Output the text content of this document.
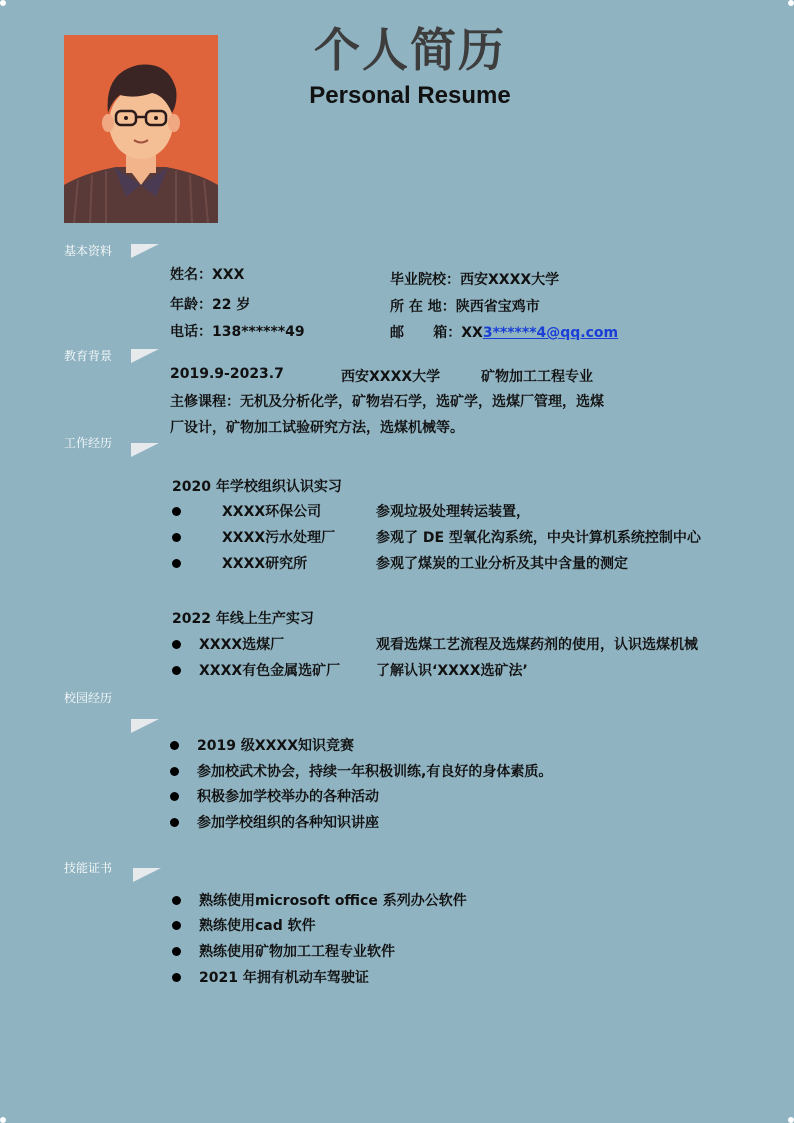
个人简历
Personal Resume
基本资料
教育背景
工作经历
校园经历
技能证书
姓名：XXX
年龄：22 岁
电话：138******49
毕业院校：西安XXXX大学
所 在 地：陕西省宝鸡市
邮      箱：XX3******4@qq.com
2019.9-2023.7	西安XXXX大学	矿物加工工程专业
主修课程：无机及分析化学，矿物岩石学，选矿学，选煤厂管理，选煤
厂设计，矿物加工试验研究方法，选煤机械等。
2020 年学校组织认识实习
XXXX环保公司	参观垃圾处理转运装置，
XXXX污水处理厂	参观了 DE 型氧化沟系统，中央计算机系统控制中心
XXXX研究所	参观了煤炭的工业分析及其中含量的测定
2022 年线上生产实习
XXXX选煤厂	观看选煤工艺流程及选煤药剂的使用，认识选煤机械
XXXX有色金属选矿厂	了解认识‘XXXX选矿法’
2019 级XXXX知识竞赛
参加校武术协会，持续一年积极训练,有良好的身体素质。
积极参加学校举办的各种活动
参加学校组织的各种知识讲座
熟练使用microsoft office 系列办公软件
熟练使用cad 软件
熟练使用矿物加工工程专业软件
2021 年拥有机动车驾驶证
